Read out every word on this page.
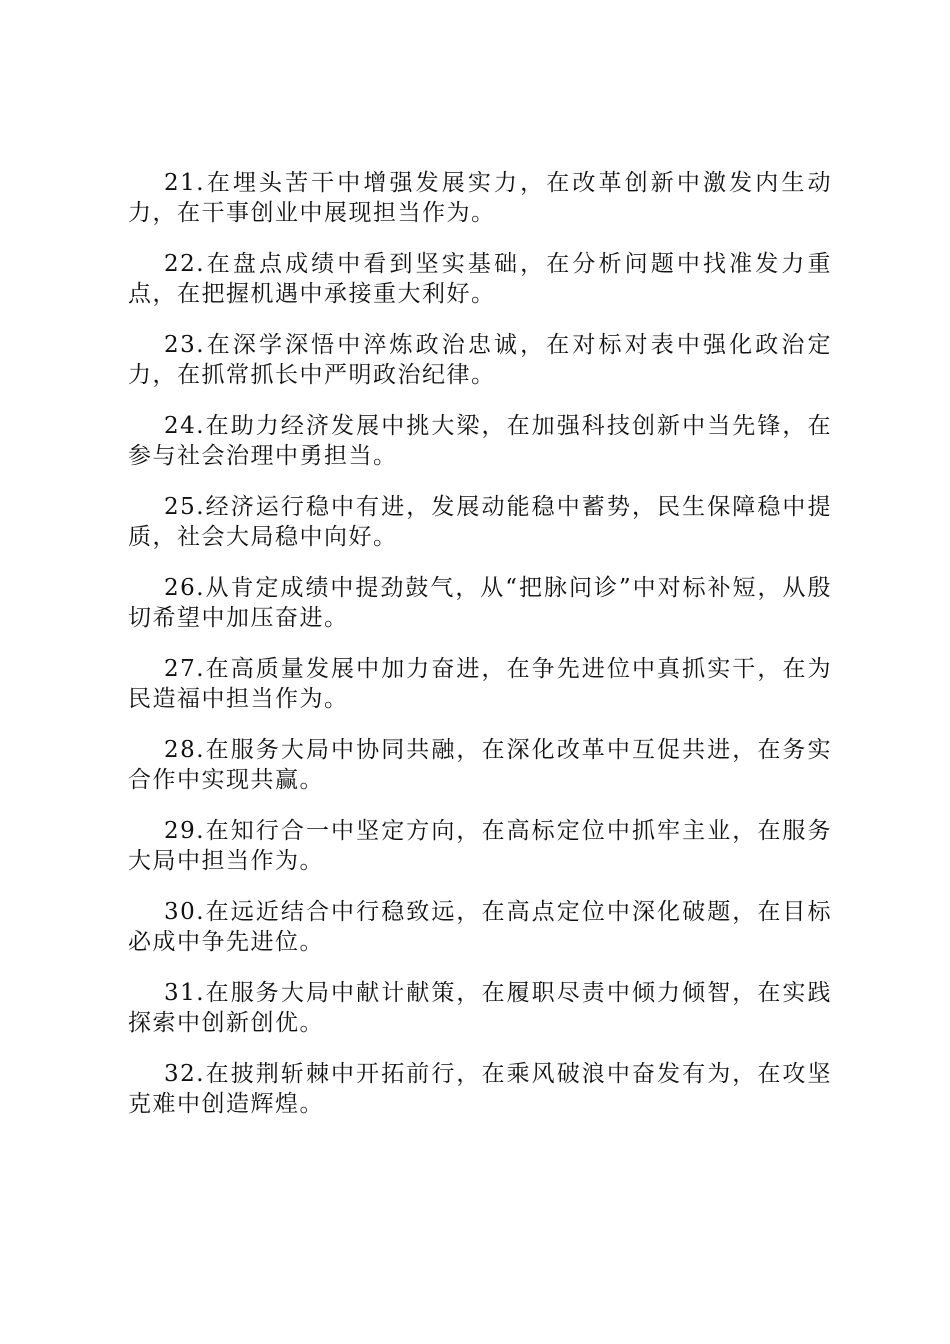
21.在埋头苦干中增强发展实力，在改革创新中激发内生动力，在干事创业中展现担当作为。

22.在盘点成绩中看到坚实基础，在分析问题中找准发力重点，在把握机遇中承接重大利好。

23.在深学深悟中淬炼政治忠诚，在对标对表中强化政治定力，在抓常抓长中严明政治纪律。

24.在助力经济发展中挑大梁，在加强科技创新中当先锋，在参与社会治理中勇担当。

25.经济运行稳中有进，发展动能稳中蓄势，民生保障稳中提质，社会大局稳中向好。

26.从肯定成绩中提劲鼓气，从“把脉问诊”中对标补短，从殷切希望中加压奋进。

27.在高质量发展中加力奋进，在争先进位中真抓实干，在为民造福中担当作为。

28.在服务大局中协同共融，在深化改革中互促共进，在务实合作中实现共赢。

29.在知行合一中坚定方向，在高标定位中抓牢主业，在服务大局中担当作为。

30.在远近结合中行稳致远，在高点定位中深化破题，在目标必成中争先进位。

31.在服务大局中献计献策，在履职尽责中倾力倾智，在实践探索中创新创优。

32.在披荆斩棘中开拓前行，在乘风破浪中奋发有为，在攻坚克难中创造辉煌。
